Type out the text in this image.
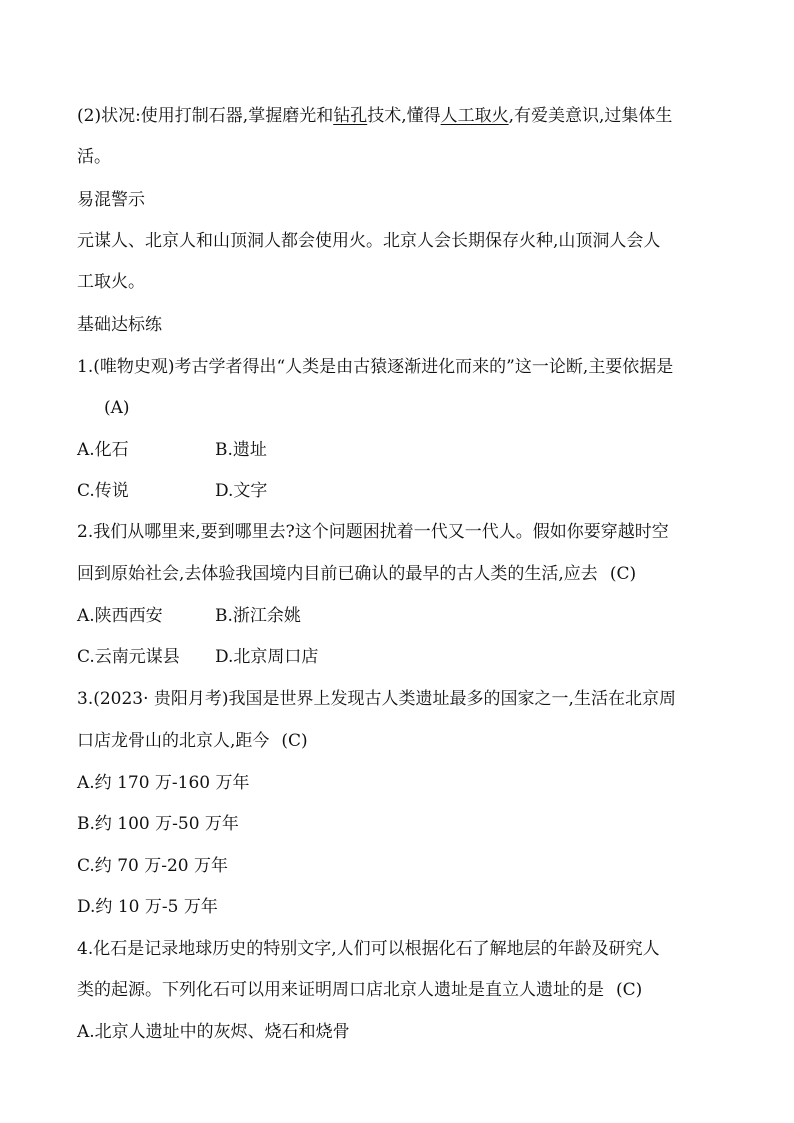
(2)状况:使用打制石器,掌握磨光和钻孔技术,懂得人工取火,有爱美意识,过集体生
活。
易混警示
元谋人、北京人和山顶洞人都会使用火。北京人会长期保存火种,山顶洞人会人
工取火。
基础达标练
1.(唯物史观)考古学者得出“人类是由古猿逐渐进化而来的”这一论断,主要依据是
(A)
A.化石	B.遗址
C.传说	D.文字
2.我们从哪里来,要到哪里去?这个问题困扰着一代又一代人。假如你要穿越时空
回到原始社会,去体验我国境内目前已确认的最早的古人类的生活,应去 (C)
A.陕西西安	B.浙江余姚
C.云南元谋县 D.北京周口店
3.(2023· 贵阳月考)我国是世界上发现古人类遗址最多的国家之一,生活在北京周
口店龙骨山的北京人,距今 (C)
A.约 170 万-160 万年
B.约 100 万-50 万年
C.约 70 万-20 万年
D.约 10 万-5 万年
4.化石是记录地球历史的特别文字,人们可以根据化石了解地层的年龄及研究人
类的起源。下列化石可以用来证明周口店北京人遗址是直立人遗址的是 (C)
A.北京人遗址中的灰烬、烧石和烧骨
